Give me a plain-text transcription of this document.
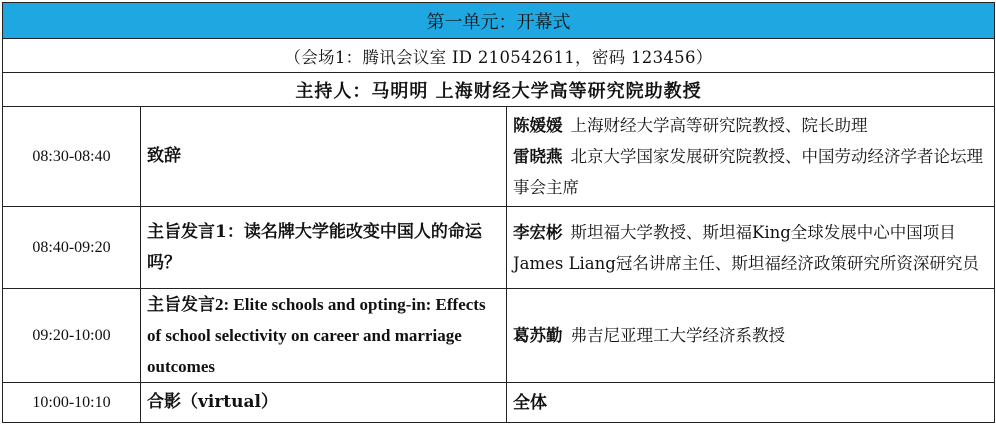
第一单元：开幕式		
（会场1：腾讯会议室 ID 210542611，密码 123456）		
主持人：马明明 上海财经大学高等研究院助教授		
08:30-08:40	致辞	陈媛媛 上海财经大学高等研究院教授、院长助理
雷晓燕 北京大学国家发展研究院教授、中国劳动经济学者论坛理事会主席

08:40-09:20	主旨发言1：读名牌大学能改变中国人的命运吗？	李宏彬 斯坦福大学教授、斯坦福King全球发展中心中国项目James Liang冠名讲席主任、斯坦福经济政策研究所资深研究员

09:20-10:00	主旨发言2: Elite schools and opting-in: Effects of school selectivity on career and marriage outcomes	葛苏勤 弗吉尼亚理工大学经济系教授

10:00-10:10	合影（virtual）	全体
